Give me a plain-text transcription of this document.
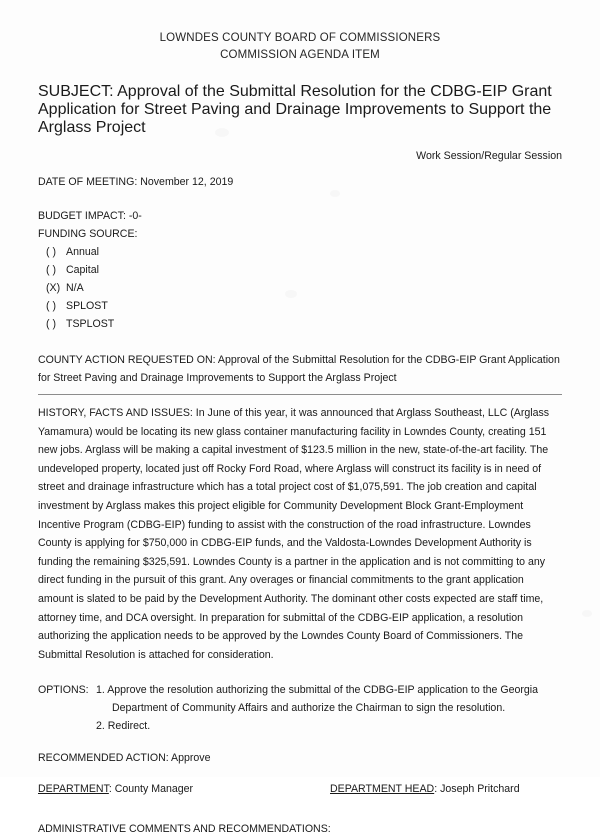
LOWNDES COUNTY BOARD OF COMMISSIONERS
COMMISSION AGENDA ITEM
SUBJECT: Approval of the Submittal Resolution for the CDBG-EIP Grant
Application for Street Paving and Drainage Improvements to Support the
Arglass Project
Work Session/Regular Session
DATE OF MEETING: November 12, 2019
BUDGET IMPACT: -0-
FUNDING SOURCE:
( ) Annual
( ) Capital
(X) N/A
( ) SPLOST
( ) TSPLOST
COUNTY ACTION REQUESTED ON: Approval of the Submittal Resolution for the CDBG-EIP Grant Application
for Street Paving and Drainage Improvements to Support the Arglass Project
HISTORY, FACTS AND ISSUES: In June of this year, it was announced that Arglass Southeast, LLC (Arglass Yamamura) would be locating its new glass container manufacturing facility in Lowndes County, creating 151 new jobs. Arglass will be making a capital investment of $123.5 million in the new, state-of-the-art facility. The undeveloped property, located just off Rocky Ford Road, where Arglass will construct its facility is in need of street and drainage infrastructure which has a total project cost of $1,075,591. The job creation and capital investment by Arglass makes this project eligible for Community Development Block Grant-Employment Incentive Program (CDBG-EIP) funding to assist with the construction of the road infrastructure. Lowndes County is applying for $750,000 in CDBG-EIP funds, and the Valdosta-Lowndes Development Authority is funding the remaining $325,591. Lowndes County is a partner in the application and is not committing to any direct funding in the pursuit of this grant. Any overages or financial commitments to the grant application amount is slated to be paid by the Development Authority. The dominant other costs expected are staff time, attorney time, and DCA oversight. In preparation for submittal of the CDBG-EIP application, a resolution authorizing the application needs to be approved by the Lowndes County Board of Commissioners. The Submittal Resolution is attached for consideration.
OPTIONS: 1. Approve the resolution authorizing the submittal of the CDBG-EIP application to the Georgia
Department of Community Affairs and authorize the Chairman to sign the resolution.
2. Redirect.
RECOMMENDED ACTION: Approve
DEPARTMENT: County Manager	DEPARTMENT HEAD: Joseph Pritchard
ADMINISTRATIVE COMMENTS AND RECOMMENDATIONS:
